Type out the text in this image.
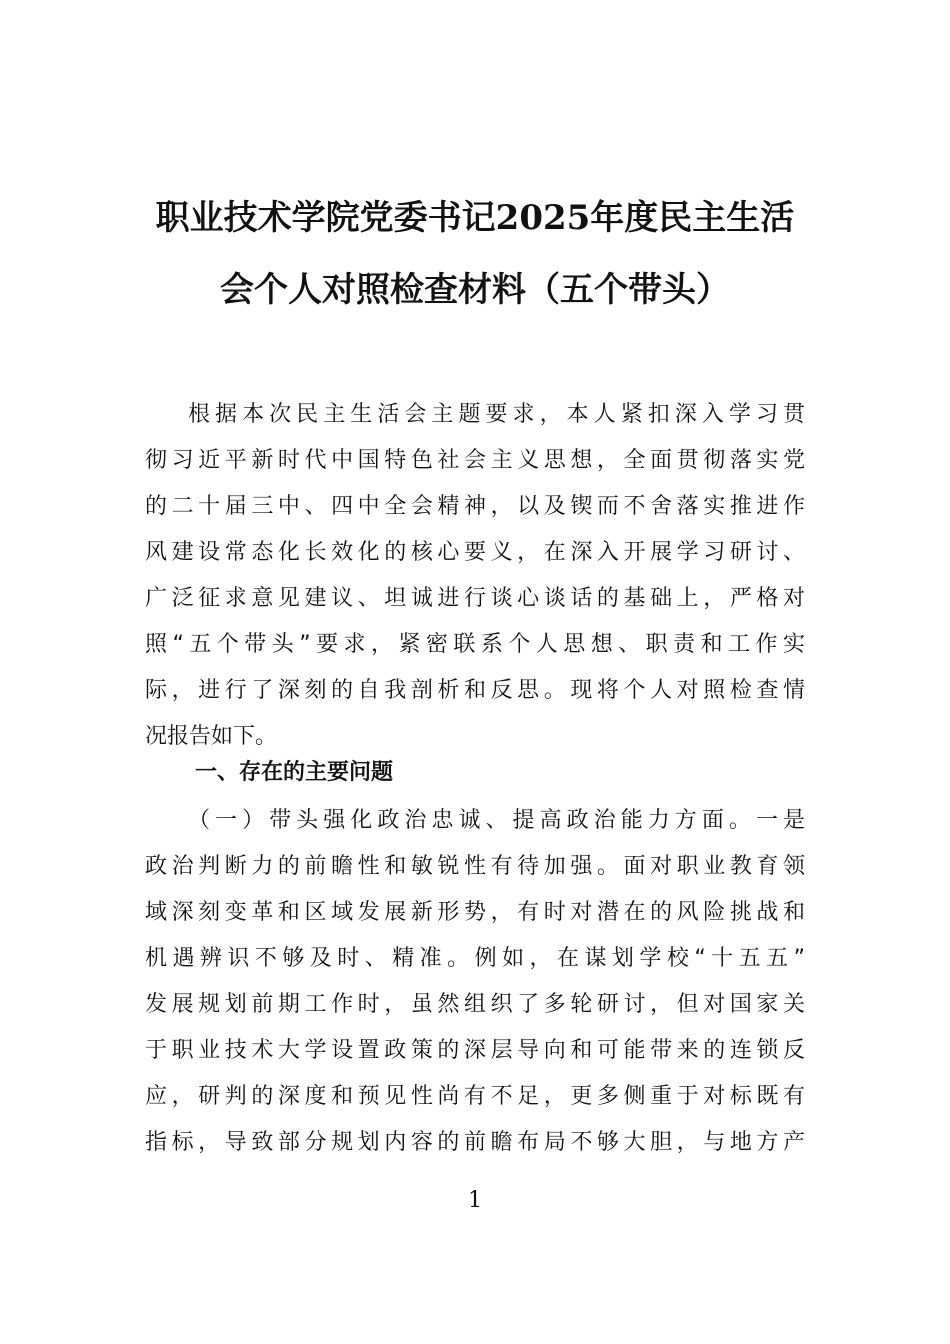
职业技术学院党委书记2025年度民主生活
会个人对照检查材料（五个带头）
根据本次民主生活会主题要求，本人紧扣深入学习贯
彻习近平新时代中国特色社会主义思想，全面贯彻落实党
的二十届三中、四中全会精神，以及锲而不舍落实推进作
风建设常态化长效化的核心要义，在深入开展学习研讨、
广泛征求意见建议、坦诚进行谈心谈话的基础上，严格对
照“五个带头”要求，紧密联系个人思想、职责和工作实
际，进行了深刻的自我剖析和反思。现将个人对照检查情
况报告如下。
一、存在的主要问题
（一）带头强化政治忠诚、提高政治能力方面。一是
政治判断力的前瞻性和敏锐性有待加强。面对职业教育领
域深刻变革和区域发展新形势，有时对潜在的风险挑战和
机遇辨识不够及时、精准。例如，在谋划学校“十五五”
发展规划前期工作时，虽然组织了多轮研讨，但对国家关
于职业技术大学设置政策的深层导向和可能带来的连锁反
应，研判的深度和预见性尚有不足，更多侧重于对标既有
指标，导致部分规划内容的前瞻布局不够大胆，与地方产
1
